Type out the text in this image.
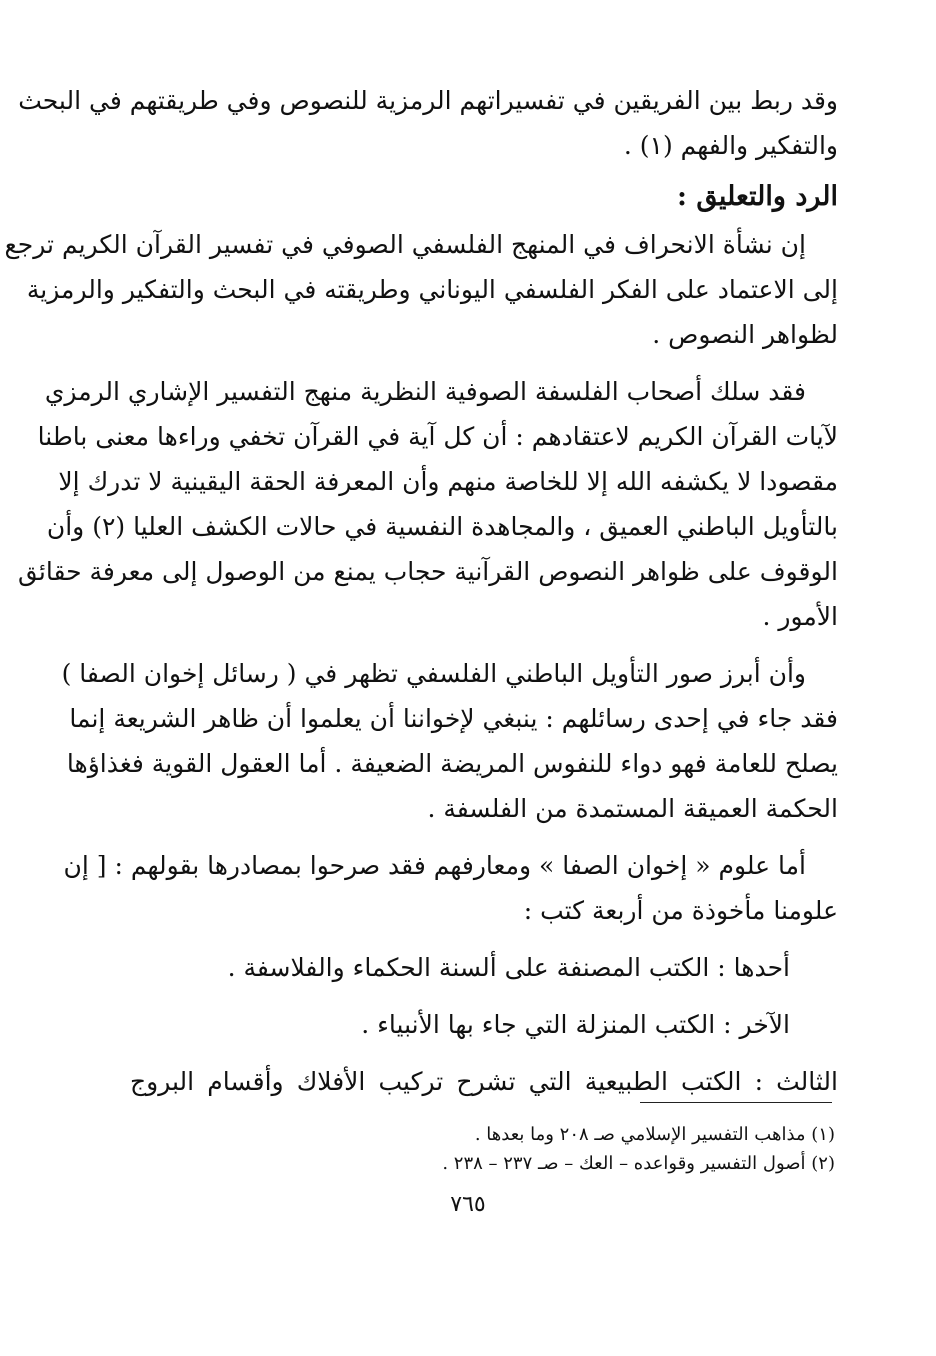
وقد ربط بين الفريقين في تفسيراتهم الرمزية للنصوص وفي طريقتهم في البحث
والتفكير والفهم (١) .
الرد والتعليق :
إن نشأة الانحراف في المنهج الفلسفي الصوفي في تفسير القرآن الكريم ترجع
إلى الاعتماد على الفكر الفلسفي اليوناني وطريقته في البحث والتفكير والرمزية
لظواهر النصوص .
فقد سلك أصحاب الفلسفة الصوفية النظرية منهج التفسير الإشاري الرمزي
لآيات القرآن الكريم لاعتقادهم : أن كل آية في القرآن تخفي وراءها معنى باطنا
مقصودا لا يكشفه الله إلا للخاصة منهم وأن المعرفة الحقة اليقينية لا تدرك إلا
بالتأويل الباطني العميق ، والمجاهدة النفسية في حالات الكشف العليا (٢) وأن
الوقوف على ظواهر النصوص القرآنية حجاب يمنع من الوصول إلى معرفة حقائق
الأمور .
وأن أبرز صور التأويل الباطني الفلسفي تظهر في ( رسائل إخوان الصفا )
فقد جاء في إحدى رسائلهم : ينبغي لإخواننا أن يعلموا أن ظاهر الشريعة إنما
يصلح للعامة فهو دواء للنفوس المريضة الضعيفة . أما العقول القوية فغذاؤها
الحكمة العميقة المستمدة من الفلسفة .
أما علوم « إخوان الصفا » ومعارفهم فقد صرحوا بمصادرها بقولهم : [ إن
علومنا مأخوذة من أربعة كتب :
أحدها : الكتب المصنفة على ألسنة الحكماء والفلاسفة .
الآخر : الكتب المنزلة التي جاء بها الأنبياء .
الثالث : الكتب الطبيعية التي تشرح تركيب الأفلاك وأقسام البروج
(١) مذاهب التفسير الإسلامي صـ ٢٠٨ وما بعدها .
(٢) أصول التفسير وقواعده – العك – صـ ٢٣٧ – ٢٣٨ .
٧٦٥
